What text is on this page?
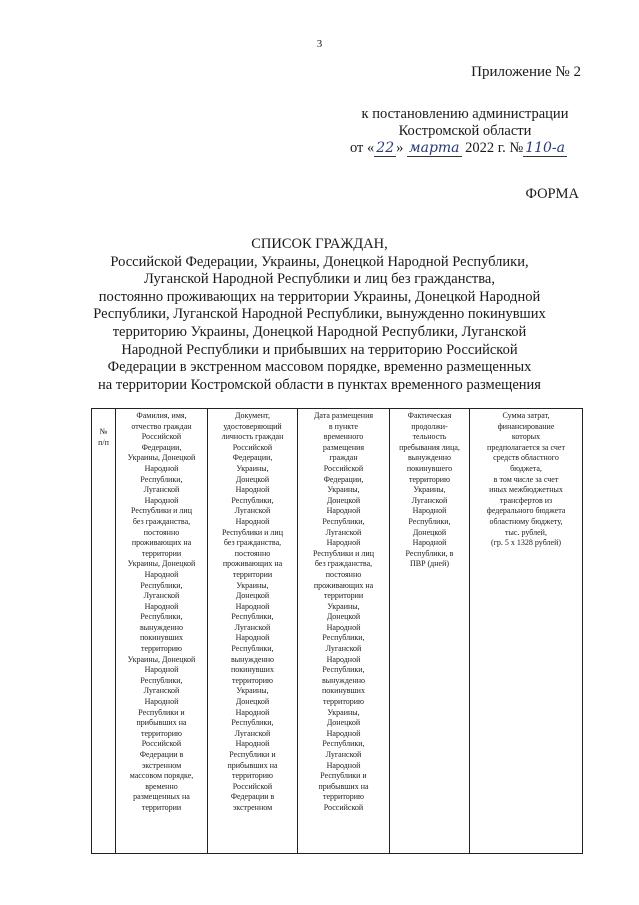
3
Приложение № 2
к постановлению администрации
Костромской области
от « 22 » марта 2022 г. № 110-а
ФОРМА
СПИСОК ГРАЖДАН,
Российской Федерации, Украины, Донецкой Народной Республики,
Луганской Народной Республики и лиц без гражданства,
постоянно проживающих на территории Украины, Донецкой Народной
Республики, Луганской Народной Республики, вынужденно покинувших
территорию Украины, Донецкой Народной Республики, Луганской
Народной Республики и прибывших на территорию Российской
Федерации в экстренном массовом порядке, временно размещенных
на территории Костромской области в пунктах временного размещения
№
п/п

Фамилия, имя,
отчество граждан
Российской
Федерации,
Украины, Донецкой
Народной
Республики,
Луганской
Народной
Республики и лиц
без гражданства,
постоянно
проживающих на
территории
Украины, Донецкой
Народной
Республики,
Луганской
Народной
Республики,
вынужденно
покинувших
территорию
Украины, Донецкой
Народной
Республики,
Луганской
Народной
Республики и
прибывших на
территорию
Российской
Федерации в
экстренном
массовом порядке,
временно
размещенных на
территории

Документ,
удостоверяющий
личность граждан
Российской
Федерации,
Украины,
Донецкой
Народной
Республики,
Луганской
Народной
Республики и лиц
без гражданства,
постоянно
проживающих на
территории
Украины,
Донецкой
Народной
Республики,
Луганской
Народной
Республики,
вынужденно
покинувших
территорию
Украины,
Донецкой
Народной
Республики,
Луганской
Народной
Республики и
прибывших на
территорию
Российской
Федерации в
экстренном

Дата размещения
в пункте
временного
размещения
граждан
Российской
Федерации,
Украины,
Донецкой
Народной
Республики,
Луганской
Народной
Республики и лиц
без гражданства,
постоянно
проживающих на
территории
Украины,
Донецкой
Народной
Республики,
Луганской
Народной
Республики,
вынужденно
покинувших
территорию
Украины,
Донецкой
Народной
Республики,
Луганской
Народной
Республики и
прибывших на
территорию
Российской

Фактическая
продолжи-
тельность
пребывания лица,
вынужденно
покинувшего
территорию
Украины,
Луганской
Народной
Республики,
Донецкой
Народной
Республики, в
ПВР (дней)

Сумма затрат,
финансирование
которых
предполагается за счет
средств областного
бюджета,
в том числе за счет
иных межбюджетных
трансфертов из
федерального бюджета
областному бюджету,
тыс. рублей,
(гр. 5 х 1328 рублей)
